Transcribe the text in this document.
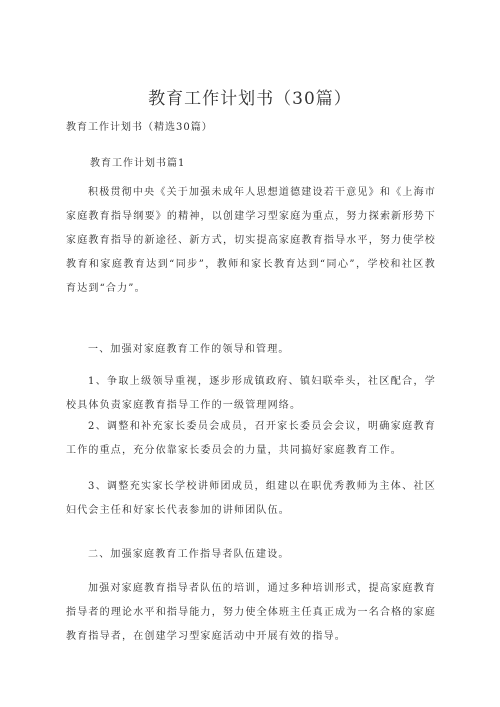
教育工作计划书（30篇）
教育工作计划书（精选30篇）
教育工作计划书篇1
积极贯彻中央《关于加强未成年人思想道德建设若干意见》和《上海市家庭教育指导纲要》的精神，以创建学习型家庭为重点，努力探索新形势下家庭教育指导的新途径、新方式，切实提高家庭教育指导水平，努力使学校教育和家庭教育达到“同步”，教师和家长教育达到“同心”，学校和社区教育达到“合力”。
一、加强对家庭教育工作的领导和管理。
1、争取上级领导重视，逐步形成镇政府、镇妇联牵头，社区配合，学校具体负责家庭教育指导工作的一级管理网络。
2、调整和补充家长委员会成员，召开家长委员会会议，明确家庭教育工作的重点，充分依靠家长委员会的力量，共同搞好家庭教育工作。
3、调整充实家长学校讲师团成员，组建以在职优秀教师为主体、社区妇代会主任和好家长代表参加的讲师团队伍。
二、加强家庭教育工作指导者队伍建设。
加强对家庭教育指导者队伍的培训，通过多种培训形式，提高家庭教育指导者的理论水平和指导能力，努力使全体班主任真正成为一名合格的家庭教育指导者，在创建学习型家庭活动中开展有效的指导。
